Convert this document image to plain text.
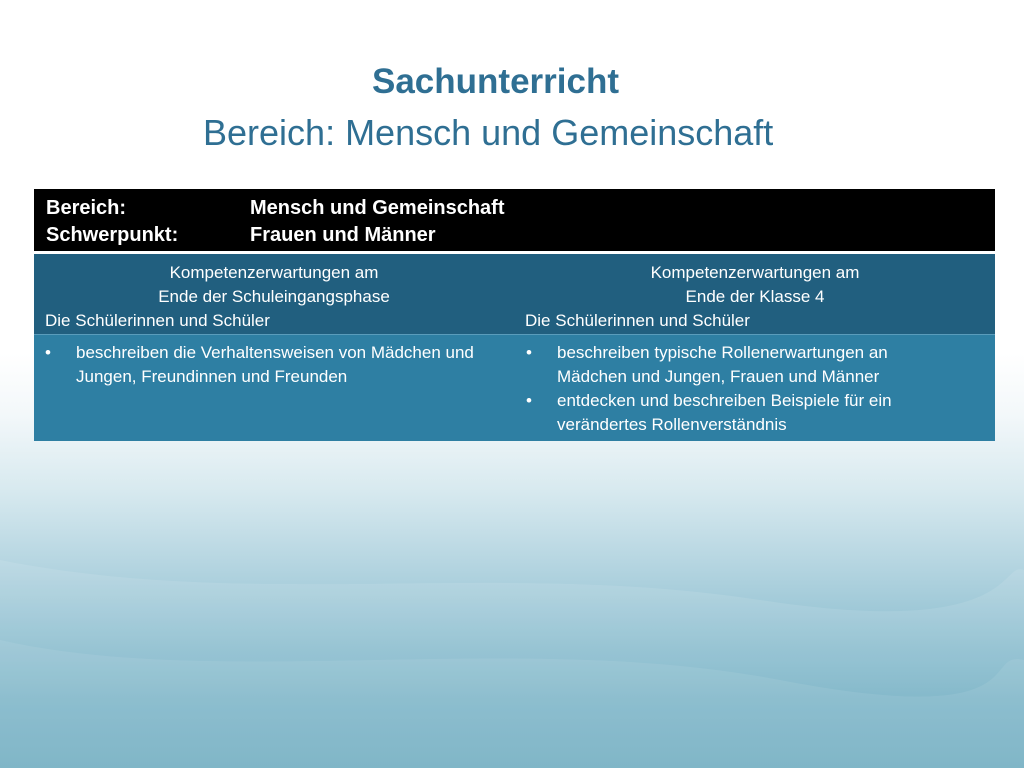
Sachunterricht
Bereich: Mensch und Gemeinschaft
Bereich:	Mensch und Gemeinschaft
Schwerpunkt:	Frauen und Männer
Kompetenzerwartungen am
Ende der Schuleingangsphase
Die Schülerinnen und Schüler
Kompetenzerwartungen am
Ende der Klasse 4
Die Schülerinnen und Schüler
• beschreiben die Verhaltensweisen von Mädchen und Jungen, Freundinnen und Freunden
• beschreiben typische Rollenerwartungen an Mädchen und Jungen, Frauen und Männer
• entdecken und beschreiben Beispiele für ein verändertes Rollenverständnis
